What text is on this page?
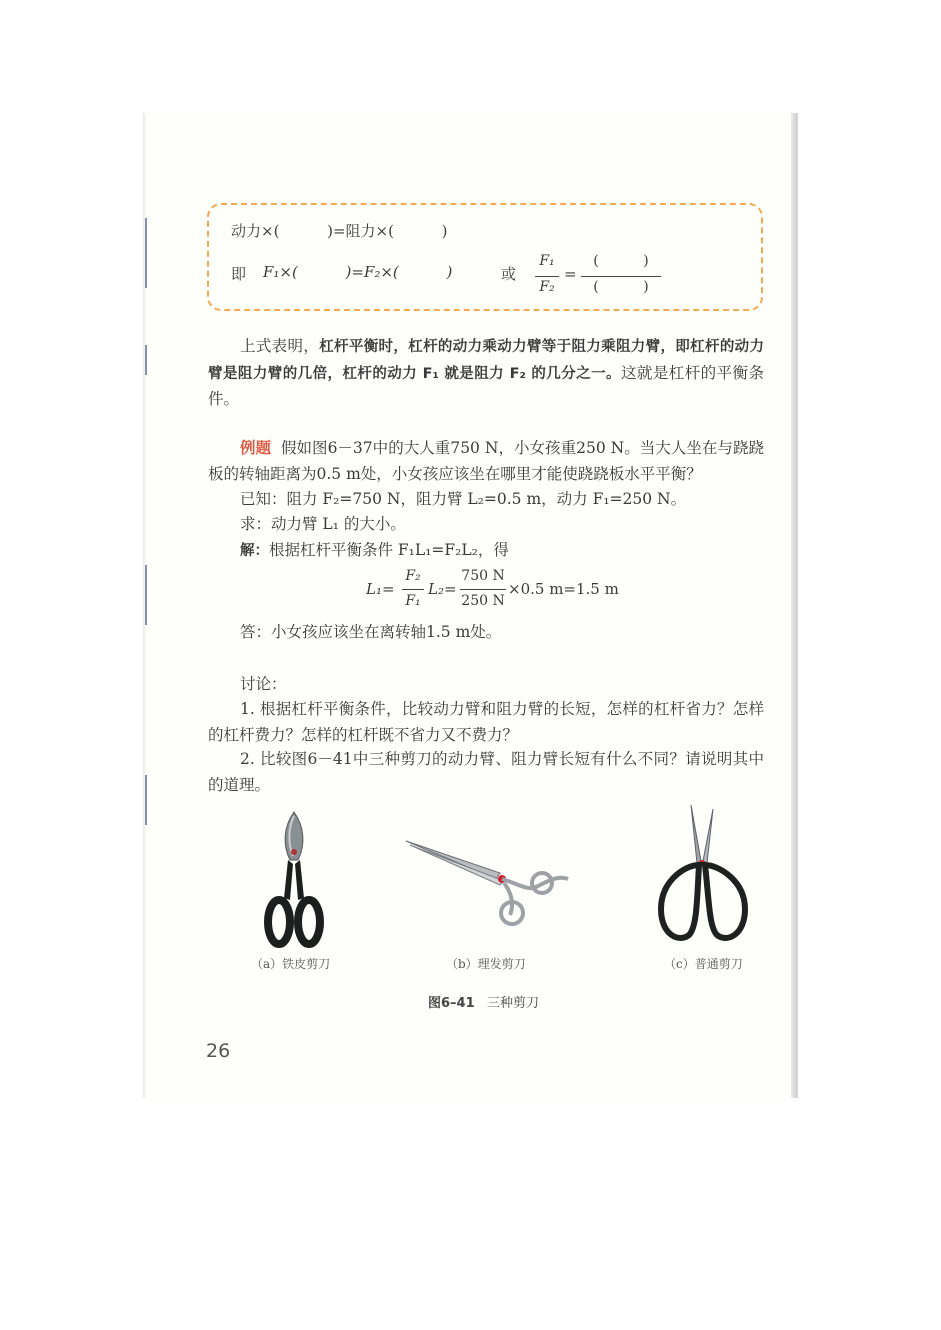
动力×(          )=阻力×(          )
即 F₁×(          )=F₂×(          )	或
F₁
F₂
=
(          )
(          )
上式表明，杠杆平衡时，杠杆的动力乘动力臂等于阻力乘阻力臂，即杠杆的动力臂是阻力臂的几倍，杠杆的动力 F₁ 就是阻力 F₂ 的几分之一。这就是杠杆的平衡条件。
例题 假如图6－37中的大人重750 N，小女孩重250 N。当大人坐在与跷跷板的转轴距离为0.5 m处，小女孩应该坐在哪里才能使跷跷板水平平衡？
已知：阻力 F₂=750 N，阻力臂 L₂=0.5 m，动力 F₁=250 N。
求：动力臂 L₁ 的大小。
解：根据杠杆平衡条件 F₁L₁=F₂L₂，得
L₁=
F₂
F₁
L₂=
750 N
250 N
×0.5 m=1.5 m
答：小女孩应该坐在离转轴1.5 m处。
讨论：
1. 根据杠杆平衡条件，比较动力臂和阻力臂的长短，怎样的杠杆省力？怎样的杠杆费力？怎样的杠杆既不省力又不费力？
2. 比较图6－41中三种剪刀的动力臂、阻力臂长短有什么不同？请说明其中的道理。
（a）铁皮剪刀	（b）理发剪刀	（c）普通剪刀
图6–41 三种剪刀
26
